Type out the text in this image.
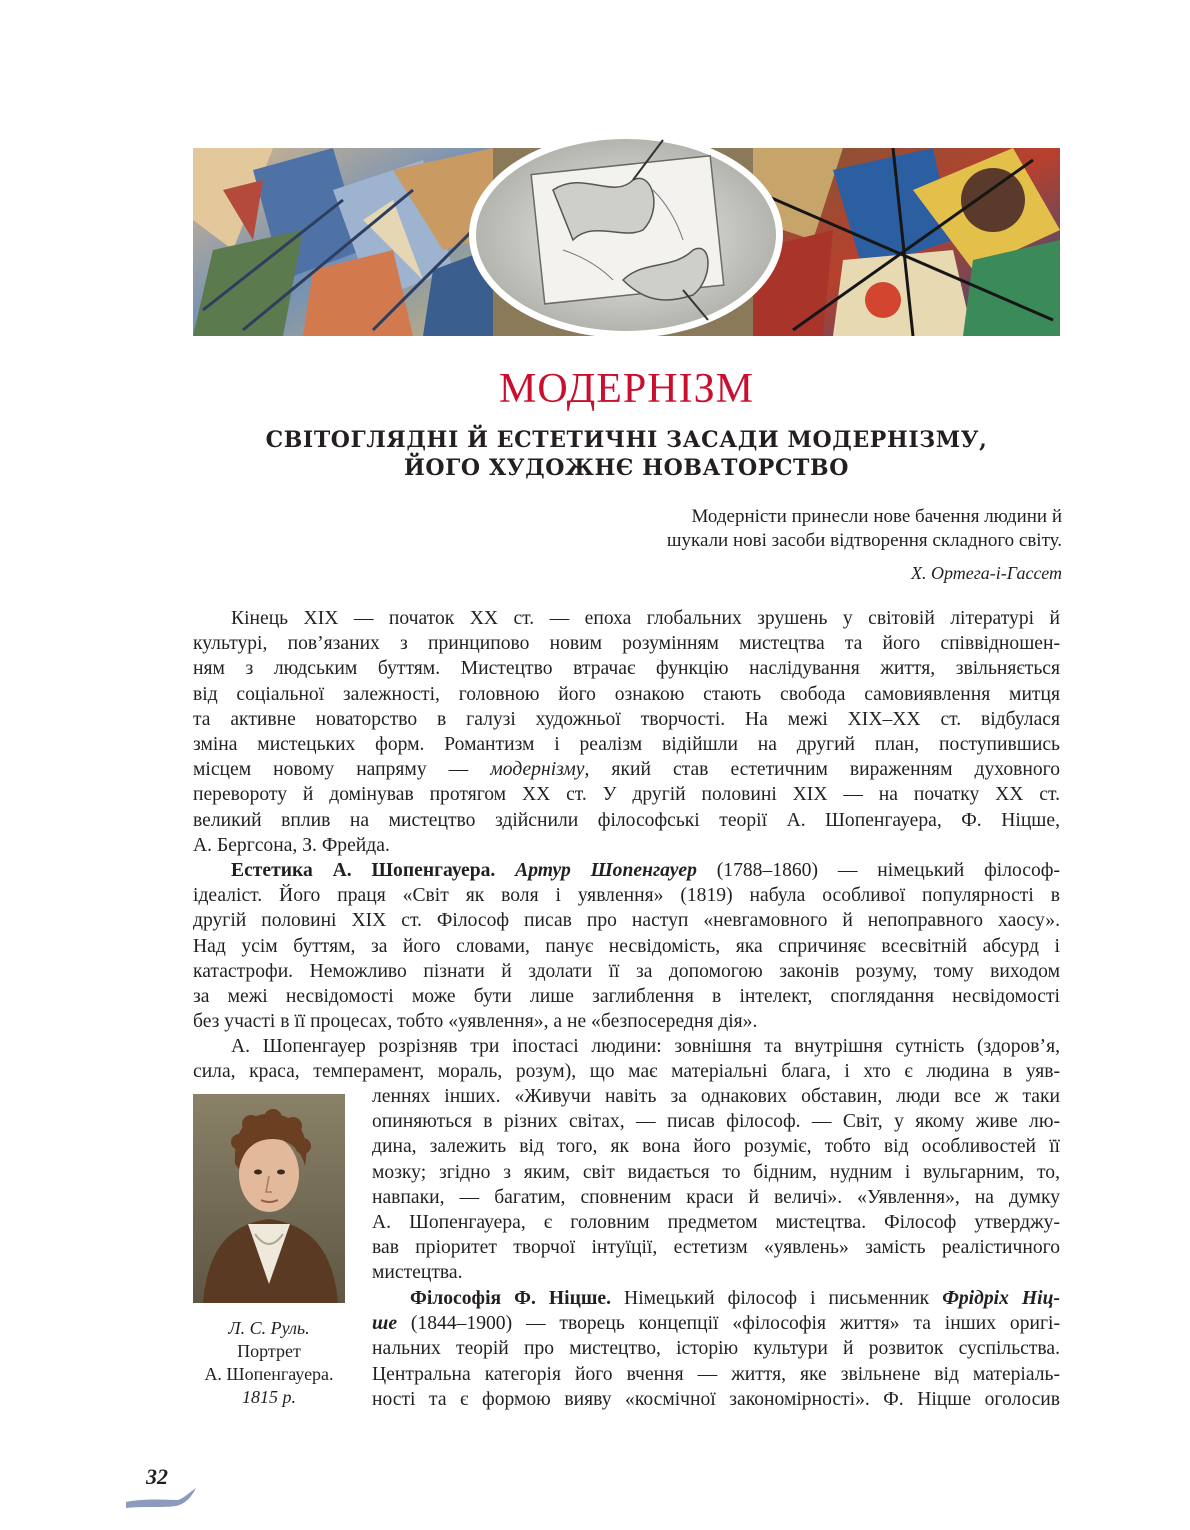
МОДЕРНІЗМ
СВІТОГЛЯДНІ Й ЕСТЕТИЧНІ ЗАСАДИ МОДЕРНІЗМУ,
ЙОГО ХУДОЖНЄ НОВАТОРСТВО
Модерністи принесли нове бачення людини й
шукали нові засоби відтворення складного світу.
Х. Ортега-і-Гассет
Кінець XIX — початок XX ст. — епоха глобальних зрушень у світовій літературі й
культурі, пов’язаних з принципово новим розумінням мистецтва та його співвідношен-
ням з людським буттям. Мистецтво втрачає функцію наслідування життя, звільняється
від соціальної залежності, головною його ознакою стають свобода самовиявлення митця
та активне новаторство в галузі художньої творчості. На межі XIX–XX ст. відбулася
зміна мистецьких форм. Романтизм і реалізм відійшли на другий план, поступившись
місцем новому напряму — модернізму, який став естетичним вираженням духовного
перевороту й домінував протягом XX ст. У другій половині XIX — на початку XX ст.
великий вплив на мистецтво здійснили філософські теорії А. Шопенгауера, Ф. Ніцше,
А. Бергсона, З. Фрейда.
Естетика А. Шопенгауера. Артур Шопенгауер (1788–1860) — німецький філософ-
ідеаліст. Його праця «Світ як воля і уявлення» (1819) набула особливої популярності в
другій половині XIX ст. Філософ писав про наступ «невгамовного й непоправного хаосу».
Над усім буттям, за його словами, панує несвідомість, яка спричиняє всесвітній абсурд і
катастрофи. Неможливо пізнати й здолати її за допомогою законів розуму, тому виходом
за межі несвідомості може бути лише заглиблення в інтелект, споглядання несвідомості
без участі в її процесах, тобто «уявлення», а не «безпосередня дія».
А. Шопенгауер розрізняв три іпостасі людини: зовнішня та внутрішня сутність (здоров’я,
сила, краса, темперамент, мораль, розум), що має матеріальні блага, і хто є людина в уяв-
леннях інших. «Живучи навіть за однакових обставин, люди все ж таки
опиняються в різних світах, — писав філософ. — Світ, у якому живе лю-
дина, залежить від того, як вона його розуміє, тобто від особливостей її
мозку; згідно з яким, світ видається то бідним, нудним і вульгарним, то,
навпаки, — багатим, сповненим краси й величі». «Уявлення», на думку
А. Шопенгауера, є головним предметом мистецтва. Філософ утверджу-
вав пріоритет творчої інтуїції, естетизм «уявлень» замість реалістичного
мистецтва.
Філософія Ф. Ніцше. Німецький філософ і письменник Фрідріх Ніц-
ше (1844–1900) — творець концепції «філософія життя» та інших оригі-
нальних теорій про мистецтво, історію культури й розвиток суспільства.
Центральна категорія його вчення — життя, яке звільнене від матеріаль-
ності та є формою вияву «космічної закономірності». Ф. Ніцше оголосив
Л. С. Руль.
Портрет
А. Шопенгауера.
1815 р.
32
